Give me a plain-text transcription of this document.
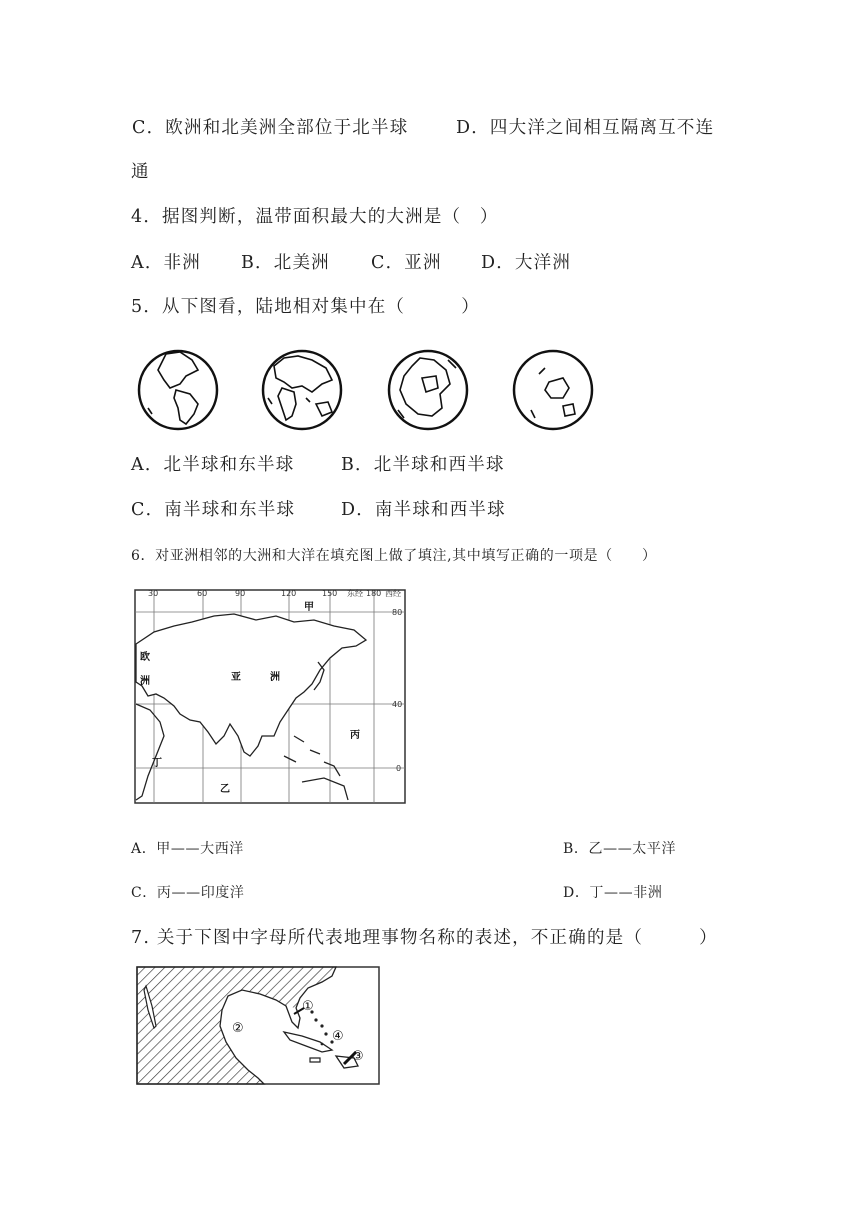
C．欧洲和北美洲全部位于北半球	D．四大洋之间相互隔离互不连
通
4．据图判断，温带面积最大的大洲是（　）
A．非洲 B．北美洲 C．亚洲 D．大洋洲
5．从下图看，陆地相对集中在（　　　）
A．北半球和东半球	B．北半球和西半球
C．南半球和东半球	D．南半球和西半球
6．对亚洲相邻的大洲和大洋在填充图上做了填注,其中填写正确的一项是（　　）
30	60	90	120	150 东经 180 西经
80
40
0
甲
乙
丙
丁
亚	洲
欧
洲
A．甲——大西洋	B．乙——太平洋
C．丙——印度洋	D．丁——非洲
7. 关于下图中字母所代表地理事物名称的表述，不正确的是（　　　）
①
②
③
④
